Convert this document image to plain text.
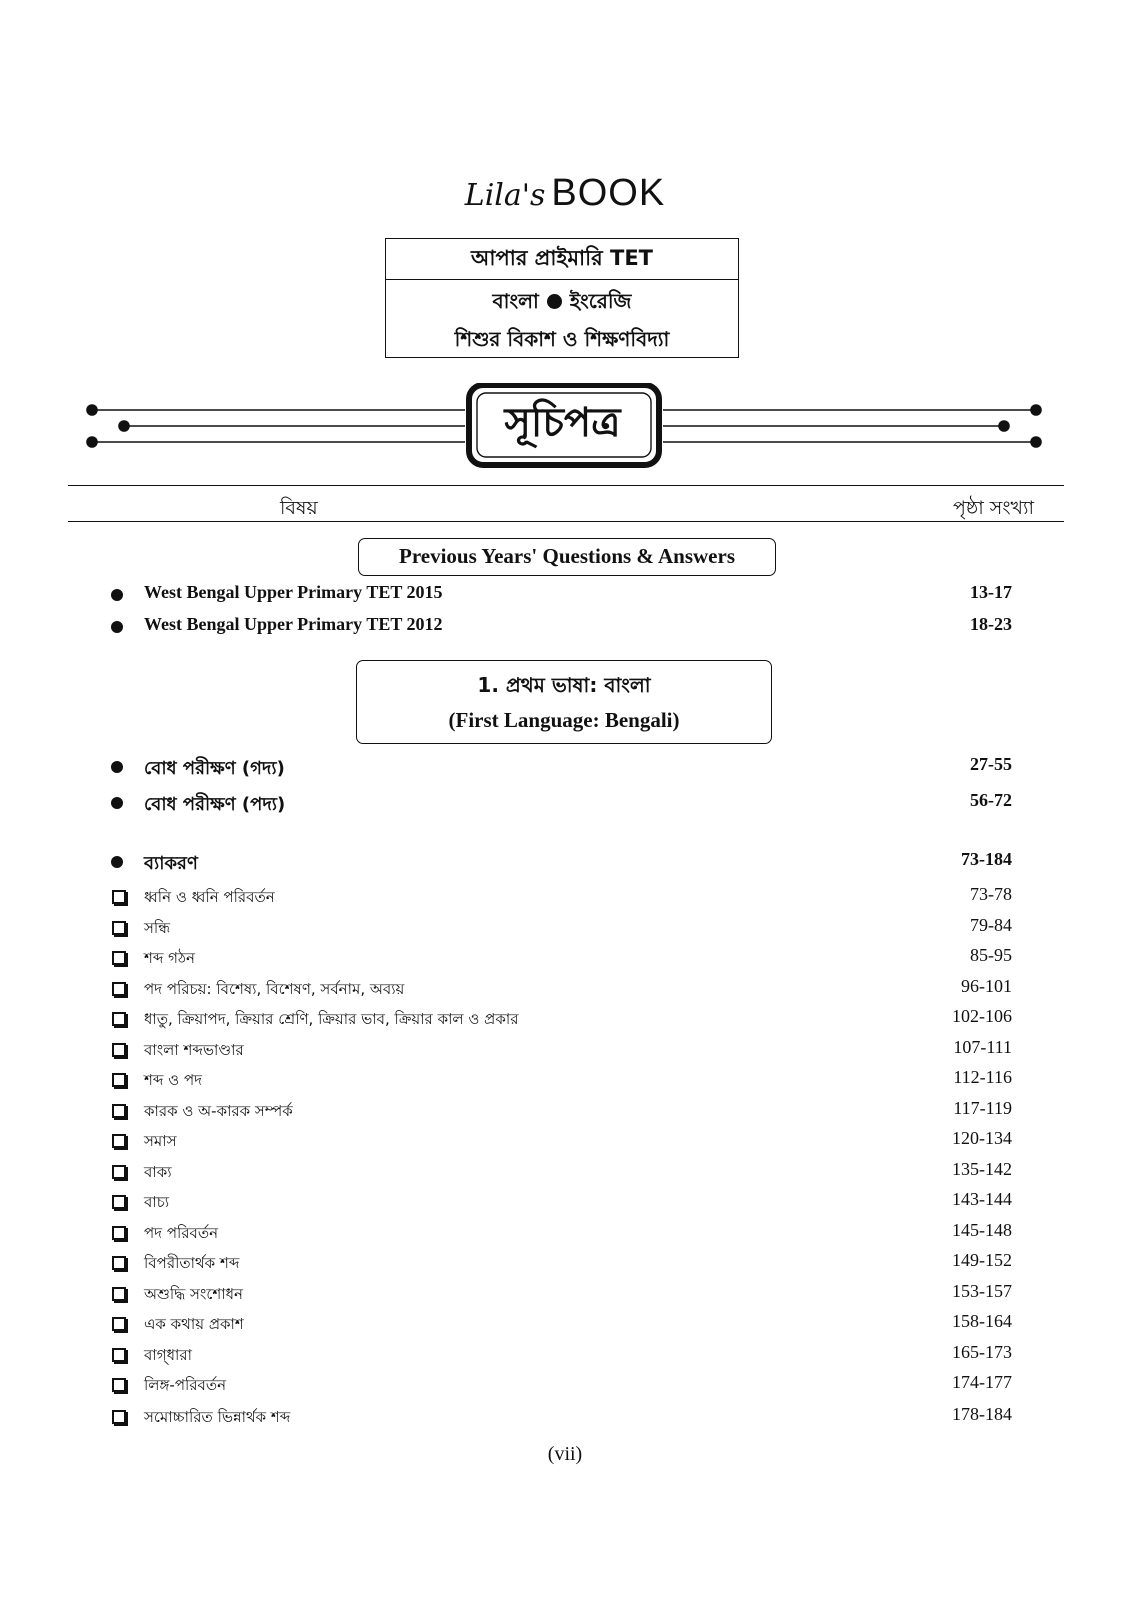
Lila's BOOK
আপার প্রাইমারি TET
বাংলা ইংরেজি
শিশুর বিকাশ ও শিক্ষণবিদ্যা
সূচিপত্র
বিষয়	পৃষ্ঠা সংখ্যা
Previous Years' Questions & Answers
West Bengal Upper Primary TET 2015	13-17
West Bengal Upper Primary TET 2012	18-23
1. প্রথম ভাষা: বাংলা
(First Language: Bengali)
বোধ পরীক্ষণ (গদ্য)	27-55
বোধ পরীক্ষণ (পদ্য)	56-72
ব্যাকরণ	73-184
ধ্বনি ও ধ্বনি পরিবর্তন	73-78
সন্ধি	79-84
শব্দ গঠন	85-95
পদ পরিচয়: বিশেষ্য, বিশেষণ, সর্বনাম, অব্যয়	96-101
ধাতু, ক্রিয়াপদ, ক্রিয়ার শ্রেণি, ক্রিয়ার ভাব, ক্রিয়ার কাল ও প্রকার	102-106
বাংলা শব্দভাণ্ডার	107-111
শব্দ ও পদ	112-116
কারক ও অ-কারক সম্পর্ক	117-119
সমাস	120-134
বাক্য	135-142
বাচ্য	143-144
পদ পরিবর্তন	145-148
বিপরীতার্থক শব্দ	149-152
অশুদ্ধি সংশোধন	153-157
এক কথায় প্রকাশ	158-164
বাগ্‌ধারা	165-173
লিঙ্গ-পরিবর্তন	174-177
সমোচ্চারিত ভিন্নার্থক শব্দ	178-184
(vii)
